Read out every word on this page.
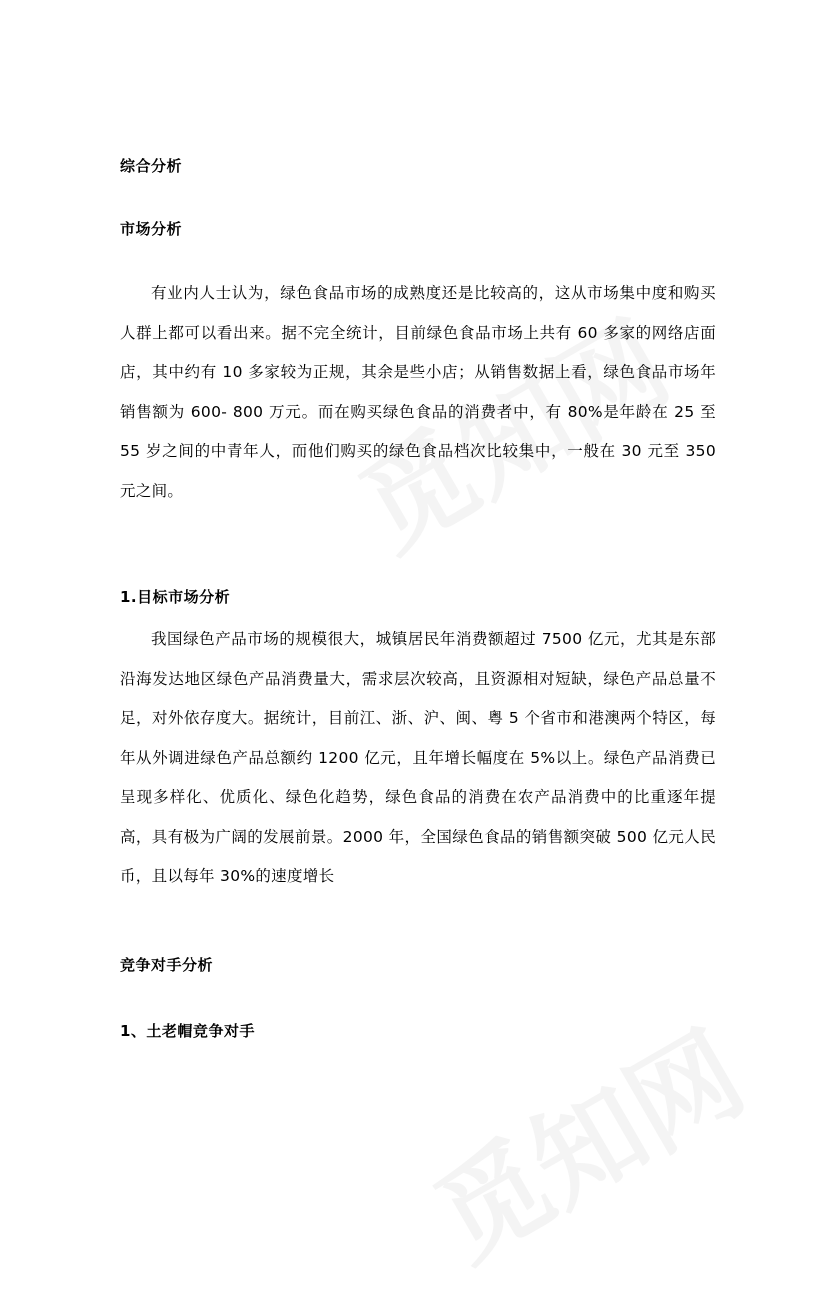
综合分析
市场分析

有业内人士认为，绿色食品市场的成熟度还是比较高的，这从市场集中度和购买人群上都可以看出来。据不完全统计，目前绿色食品市场上共有 60 多家的网络店面店，其中约有 10 多家较为正规，其余是些小店；从销售数据上看，绿色食品市场年销售额为 600- 800 万元。而在购买绿色食品的消费者中，有 80%是年龄在 25 至 55 岁之间的中青年人，而他们购买的绿色食品档次比较集中，一般在 30 元至 350 元之间。

1.目标市场分析

我国绿色产品市场的规模很大，城镇居民年消费额超过 7500 亿元，尤其是东部沿海发达地区绿色产品消费量大，需求层次较高，且资源相对短缺，绿色产品总量不足，对外依存度大。据统计，目前江、浙、沪、闽、粤 5 个省市和港澳两个特区，每年从外调进绿色产品总额约 1200 亿元，且年增长幅度在 5%以上。绿色产品消费已呈现多样化、优质化、绿色化趋势，绿色食品的消费在农产品消费中的比重逐年提高，具有极为广阔的发展前景。2000 年，全国绿色食品的销售额突破 500 亿元人民币，且以每年 30%的速度增长

竞争对手分析
1、土老帽竞争对手
